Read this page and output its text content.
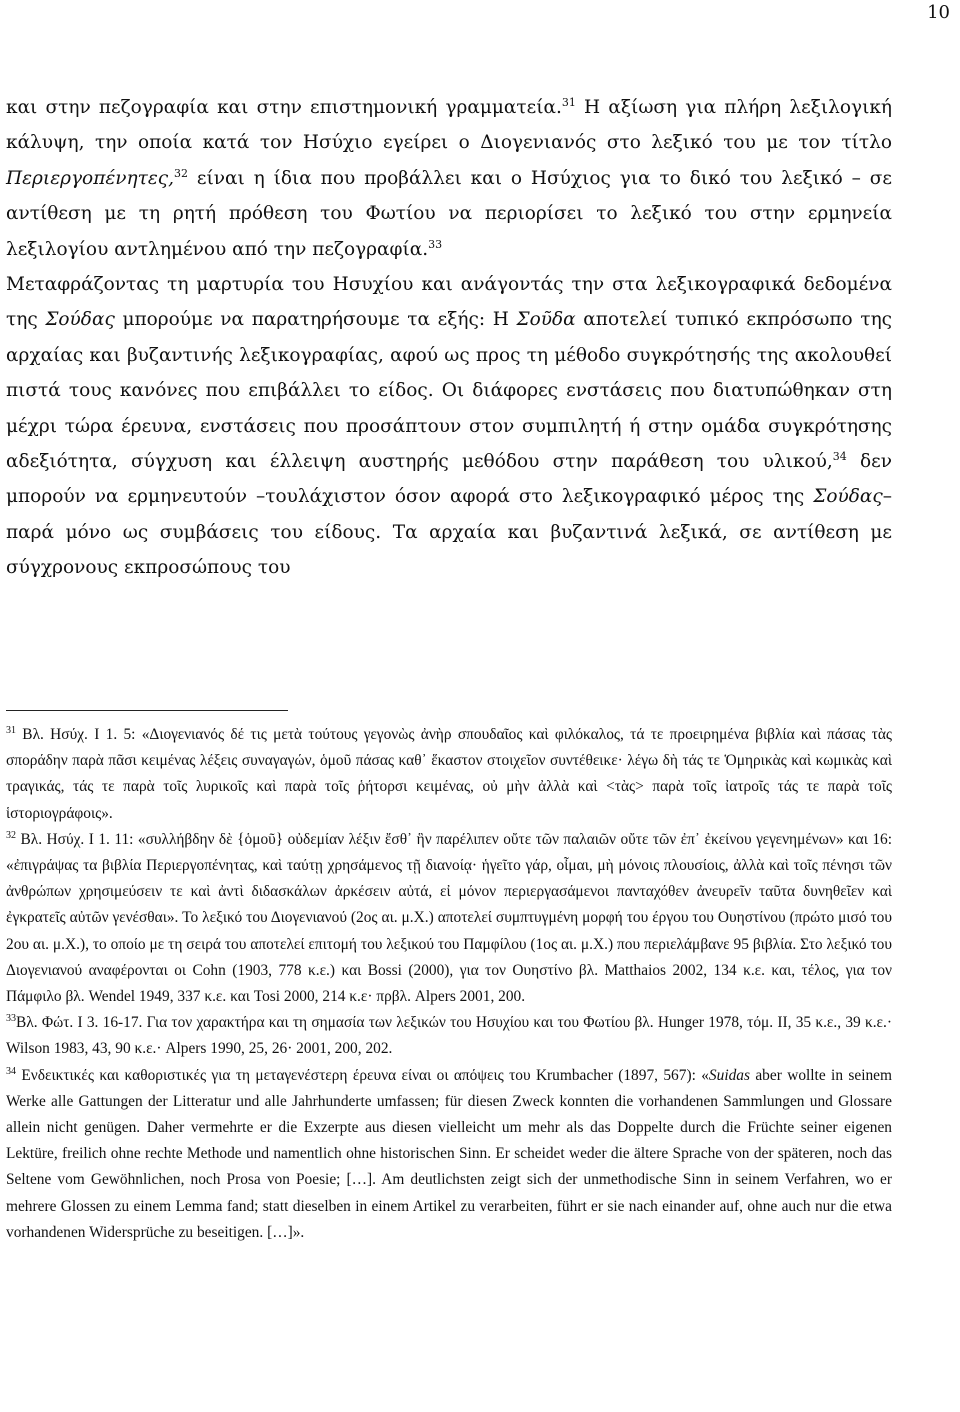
10

και στην πεζογραφία και στην επιστημονική γραμματεία.$^{31}$ Η αξίωση για πλήρη λεξιλογική κάλυψη, την οποία κατά τον Ησύχιο εγείρει ο Διογενιανός στο λεξικό του με τον τίτλο Περιεργοπένητες,$^{32}$ είναι η ίδια που προβάλλει και ο Ησύχιος για το δικό του λεξικό – σε αντίθεση με τη ρητή πρόθεση του Φωτίου να περιορίσει το λεξικό του στην ερμηνεία λεξιλογίου αντλημένου από την πεζογραφία.$^{33}$

Μεταφράζοντας τη μαρτυρία του Ησυχίου και ανάγοντάς την στα λεξικογραφικά δεδομένα της Σούδας μπορούμε να παρατηρήσουμε τα εξής: Η Σοῦδα αποτελεί τυπικό εκπρόσωπο της αρχαίας και βυζαντινής λεξικογραφίας, αφού ως προς τη μέθοδο συγκρότησής της ακολουθεί πιστά τους κανόνες που επιβάλλει το είδος. Οι διάφορες ενστάσεις που διατυπώθηκαν στη μέχρι τώρα έρευνα, ενστάσεις που προσάπτουν στον συμπιλητή ή στην ομάδα συγκρότησης αδεξιότητα, σύγχυση και έλλειψη αυστηρής μεθόδου στην παράθεση του υλικού,$^{34}$ δεν μπορούν να ερμηνευτούν –τουλάχιστον όσον αφορά στο λεξικογραφικό μέρος της Σούδας– παρά μόνο ως συμβάσεις του είδους. Τα αρχαία και βυζαντινά λεξικά, σε αντίθεση με σύγχρονους εκπροσώπους του

$^{31}$ Βλ. Ησύχ. Ι 1. 5: «Διογενιανός δέ τις μετὰ τούτους γεγονὼς ἀνὴρ σπουδαῖος καὶ φιλόκαλος, τά τε προειρημένα βιβλία καὶ πάσας τὰς σποράδην παρὰ πᾶσι κειμένας λέξεις συναγαγών, ὁμοῦ πάσας καθ᾽ ἕκαστον στοιχεῖον συντέθεικε· λέγω δὴ τάς τε Ὁμηρικὰς καὶ κωμικὰς καὶ τραγικάς, τάς τε παρὰ τοῖς λυρικοῖς καὶ παρὰ τοῖς ῥήτορσι κειμένας, οὐ μὴν ἀλλὰ καὶ <τὰς> παρὰ τοῖς ἰατροῖς τάς τε παρὰ τοῖς ἱστοριογράφοις».

$^{32}$ Βλ. Ησύχ. Ι 1. 11: «συλλήβδην δὲ {ὁμοῦ} οὐδεμίαν λέξιν ἔσθ᾽ ἣν παρέλιπεν οὔτε τῶν παλαιῶν οὔτε τῶν ἐπ᾽ ἐκείνου γεγενημένων» και 16: «ἐπιγράψας τα βιβλία Περιεργοπένητας, καὶ ταύτῃ χρησάμενος τῇ διανοίᾳ· ἡγεῖτο γάρ, οἶμαι, μὴ μόνοις πλουσίοις, ἀλλὰ καὶ τοῖς πένησι τῶν ἀνθρώπων χρησιμεύσειν τε καὶ ἀντὶ διδασκάλων ἀρκέσειν αὐτά, εἰ μόνον περιεργασάμενοι πανταχόθεν ἀνευρεῖν ταῦτα δυνηθεῖεν καὶ ἐγκρατεῖς αὐτῶν γενέσθαι». Το λεξικό του Διογενιανού (2ος αι. μ.Χ.) αποτελεί συμπτυγμένη μορφή του έργου του Ουηστίνου (πρώτο μισό του 2ου αι. μ.Χ.), το οποίο με τη σειρά του αποτελεί επιτομή του λεξικού του Παμφίλου (1ος αι. μ.Χ.) που περιελάμβανε 95 βιβλία. Στο λεξικό του Διογενιανού αναφέρονται οι Cohn (1903, 778 κ.ε.) και Bossi (2000), για τον Ουηστίνο βλ. Matthaios 2002, 134 κ.ε. και, τέλος, για τον Πάμφιλο βλ. Wendel 1949, 337 κ.ε. και Tosi 2000, 214 κ.ε· πρβλ. Alpers 2001, 200.

$^{33}$Βλ. Φώτ. Ι 3. 16-17. Για τον χαρακτήρα και τη σημασία των λεξικών του Ησυχίου και του Φωτίου βλ. Hunger 1978, τόμ. II, 35 κ.ε., 39 κ.ε.· Wilson 1983, 43, 90 κ.ε.· Alpers 1990, 25, 26· 2001, 200, 202.

$^{34}$ Ενδεικτικές και καθοριστικές για τη μεταγενέστερη έρευνα είναι οι απόψεις του Krumbacher (1897, 567): «Suidas aber wollte in seinem Werke alle Gattungen der Litteratur und alle Jahrhunderte umfassen; für diesen Zweck konnten die vorhandenen Sammlungen und Glossare allein nicht genügen. Daher vermehrte er die Exzerpte aus diesen vielleicht um mehr als das Doppelte durch die Früchte seiner eigenen Lektüre, freilich ohne rechte Methode und namentlich ohne historischen Sinn. Er scheidet weder die ältere Sprache von der späteren, noch das Seltene vom Gewöhnlichen, noch Prosa von Poesie; […]. Am deutlichsten zeigt sich der unmethodische Sinn in seinem Verfahren, wo er mehrere Glossen zu einem Lemma fand; statt dieselben in einem Artikel zu verarbeiten, führt er sie nach einander auf, ohne auch nur die etwa vorhandenen Widersprüche zu beseitigen. […]».
